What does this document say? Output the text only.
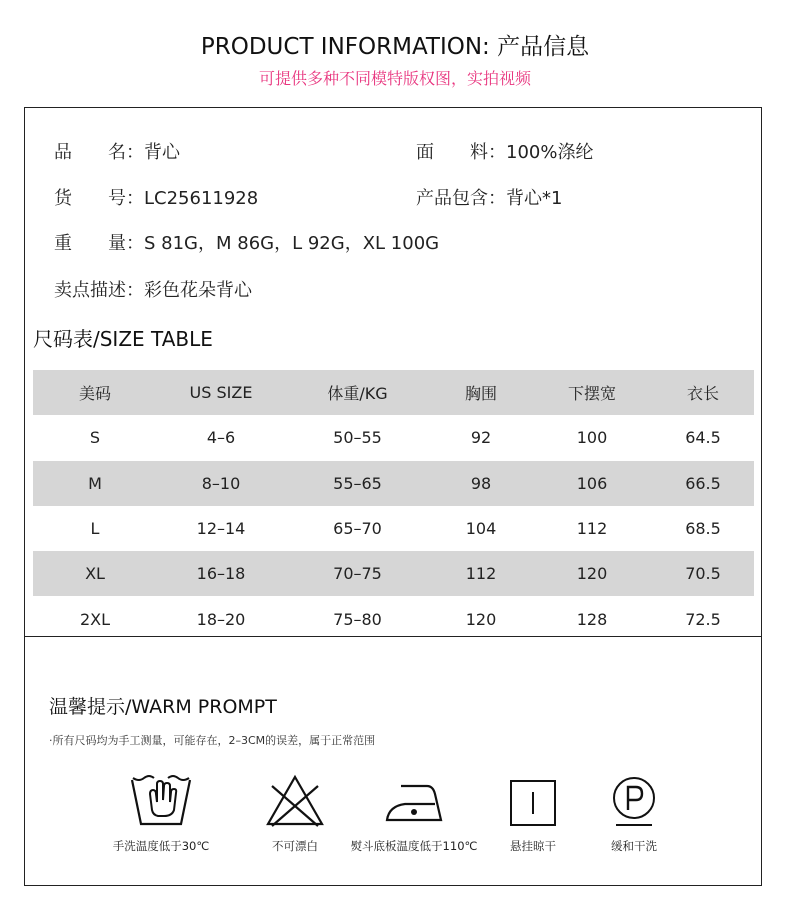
PRODUCT INFORMATION: 产品信息
可提供多种不同模特版权图，实拍视频
品　　名：背心	面　　料：100%涤纶
货　　号：LC25611928	产品包含：背心*1
重　　量：S 81G，M 86G，L 92G，XL 100G
卖点描述：彩色花朵背心
尺码表/SIZE TABLE
美码	US SIZE	体重/KG	胸围	下摆宽	衣长
S	4–6	50–55	92	100	64.5
M	8–10	55–65	98	106	66.5
L	12–14	65–70	104	112	68.5
XL	16–18	70–75	112	120	70.5
2XL	18–20	75–80	120	128	72.5
温馨提示/WARM PROMPT
·所有尺码均为手工测量，可能存在，2–3CM的误差，属于正常范围
手洗温度低于30℃	不可漂白	熨斗底板温度低于110℃	悬挂晾干	缓和干洗
